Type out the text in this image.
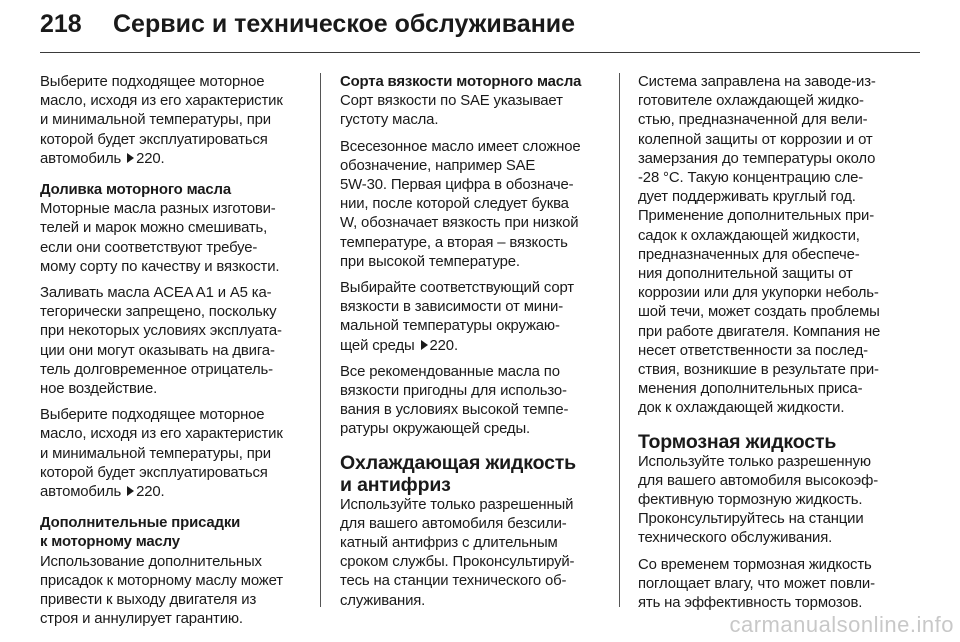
218 Сервис и техническое обслуживание

Выберите подходящее моторное
масло, исходя из его характеристик
и минимальной температуры, при
которой будет эксплуатироваться
автомобиль 220.

Доливка моторного масла

Моторные масла разных изготови-
телей и марок можно смешивать,
если они соответствуют требуе-
мому сорту по качеству и вязкости.

Заливать масла ACEA A1 и A5 ка-
тегорически запрещено, поскольку
при некоторых условиях эксплуата-
ции они могут оказывать на двига-
тель долговременное отрицатель-
ное воздействие.

Выберите подходящее моторное
масло, исходя из его характеристик
и минимальной температуры, при
которой будет эксплуатироваться
автомобиль 220.

Дополнительные присадки
к моторному маслу

Использование дополнительных
присадок к моторному маслу может
привести к выходу двигателя из
строя и аннулирует гарантию.

Сорта вязкости моторного масла

Сорт вязкости по SAE указывает
густоту масла.

Всесезонное масло имеет сложное
обозначение, например SAE
5W-30. Первая цифра в обозначе-
нии, после которой следует буква
W, обозначает вязкость при низкой
температуре, а вторая – вязкость
при высокой температуре.

Выбирайте соответствующий сорт
вязкости в зависимости от мини-
мальной температуры окружаю-
щей среды 220.

Все рекомендованные масла по
вязкости пригодны для использо-
вания в условиях высокой темпе-
ратуры окружающей среды.

Охлаждающая жидкость
и антифриз

Используйте только разрешенный
для вашего автомобиля безсили-
катный антифриз с длительным
сроком службы. Проконсультируй-
тесь на станции технического об-
служивания.

Система заправлена на заводе-из-
готовителе охлаждающей жидко-
стью, предназначенной для вели-
колепной защиты от коррозии и от
замерзания до температуры около
-28 °C. Такую концентрацию сле-
дует поддерживать круглый год.
Применение дополнительных при-
садок к охлаждающей жидкости,
предназначенных для обеспече-
ния дополнительной защиты от
коррозии или для укупорки неболь-
шой течи, может создать проблемы
при работе двигателя. Компания не
несет ответственности за послед-
ствия, возникшие в результате при-
менения дополнительных приса-
док к охлаждающей жидкости.

Тормозная жидкость

Используйте только разрешенную
для вашего автомобиля высокоэф-
фективную тормозную жидкость.
Проконсультируйтесь на станции
технического обслуживания.

Со временем тормозная жидкость
поглощает влагу, что может повли-
ять на эффективность тормозов.

carmanualsonline.info
